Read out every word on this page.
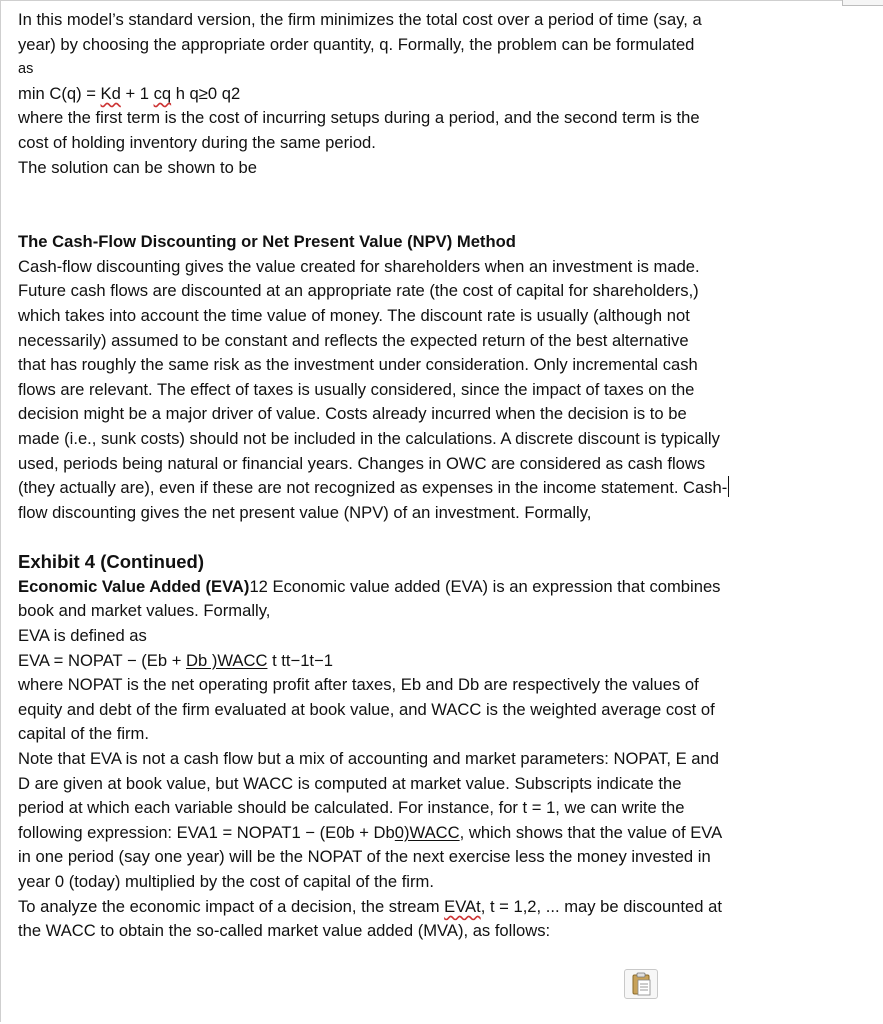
In this model’s standard version, the firm minimizes the total cost over a period of time (say, a

year) by choosing the appropriate order quantity, q. Formally, the problem can be formulated

as

min C(q) = Kd + 1 cq h q≥0 q2

where the first term is the cost of incurring setups during a period, and the second term is the

cost of holding inventory during the same period.

The solution can be shown to be

The Cash-Flow Discounting or Net Present Value (NPV) Method

Cash-flow discounting gives the value created for shareholders when an investment is made.

Future cash flows are discounted at an appropriate rate (the cost of capital for shareholders,)

which takes into account the time value of money. The discount rate is usually (although not

necessarily) assumed to be constant and reflects the expected return of the best alternative

that has roughly the same risk as the investment under consideration. Only incremental cash

flows are relevant. The effect of taxes is usually considered, since the impact of taxes on the

decision might be a major driver of value. Costs already incurred when the decision is to be

made (i.e., sunk costs) should not be included in the calculations. A discrete discount is typically

used, periods being natural or financial years. Changes in OWC are considered as cash flows

(they actually are), even if these are not recognized as expenses in the income statement. Cash-

flow discounting gives the net present value (NPV) of an investment. Formally,

Exhibit 4 (Continued)

Economic Value Added (EVA)12 Economic value added (EVA) is an expression that combines

book and market values. Formally,

EVA is defined as

EVA = NOPAT − (Eb + Db )WACC t tt−1t−1

where NOPAT is the net operating profit after taxes, Eb and Db are respectively the values of

equity and debt of the firm evaluated at book value, and WACC is the weighted average cost of

capital of the firm.

Note that EVA is not a cash flow but a mix of accounting and market parameters: NOPAT, E and

D are given at book value, but WACC is computed at market value. Subscripts indicate the

period at which each variable should be calculated. For instance, for t = 1, we can write the

following expression: EVA1 = NOPAT1 − (E0b + Db0)WACC, which shows that the value of EVA

in one period (say one year) will be the NOPAT of the next exercise less the money invested in

year 0 (today) multiplied by the cost of capital of the firm.

To analyze the economic impact of a decision, the stream EVAt, t = 1,2, ... may be discounted at

the WACC to obtain the so-called market value added (MVA), as follows:
